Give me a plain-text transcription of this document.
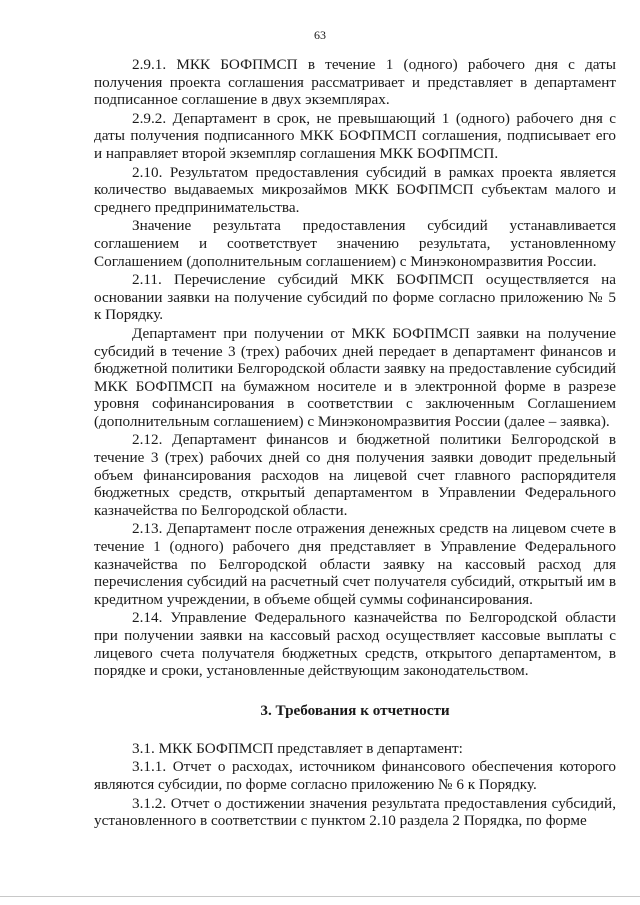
63

2.9.1. МКК БОФПМСП в течение 1 (одного) рабочего дня с даты получения проекта соглашения рассматривает и представляет в департамент подписанное соглашение в двух экземплярах.

2.9.2. Департамент в срок, не превышающий 1 (одного) рабочего дня с даты получения подписанного МКК БОФПМСП соглашения, подписывает его и направляет второй экземпляр соглашения МКК БОФПМСП.

2.10. Результатом предоставления субсидий в рамках проекта является количество выдаваемых микрозаймов МКК БОФПМСП субъектам малого и среднего предпринимательства.

Значение результата предоставления субсидий устанавливается соглашением и соответствует значению результата, установленному Соглашением (дополнительным соглашением) с Минэкономразвития России.

2.11. Перечисление субсидий МКК БОФПМСП осуществляется на основании заявки на получение субсидий по форме согласно приложению № 5 к Порядку.

Департамент при получении от МКК БОФПМСП заявки на получение субсидий в течение 3 (трех) рабочих дней передает в департамент финансов и бюджетной политики Белгородской области заявку на предоставление субсидий МКК БОФПМСП на бумажном носителе и в электронной форме в разрезе уровня софинансирования в соответствии с заключенным Соглашением (дополнительным соглашением) с Минэкономразвития России (далее – заявка).

2.12. Департамент финансов и бюджетной политики Белгородской в течение 3 (трех) рабочих дней со дня получения заявки доводит предельный объем финансирования расходов на лицевой счет главного распорядителя бюджетных средств, открытый департаментом в Управлении Федерального казначейства по Белгородской области.

2.13. Департамент после отражения денежных средств на лицевом счете в течение 1 (одного) рабочего дня представляет в Управление Федерального казначейства по Белгородской области заявку на кассовый расход для перечисления субсидий на расчетный счет получателя субсидий, открытый им в кредитном учреждении, в объеме общей суммы софинансирования.

2.14. Управление Федерального казначейства по Белгородской области при получении заявки на кассовый расход осуществляет кассовые выплаты с лицевого счета получателя бюджетных средств, открытого департаментом, в порядке и сроки, установленные действующим законодательством.

3. Требования к отчетности

3.1. МКК БОФПМСП представляет в департамент:

3.1.1. Отчет о расходах, источником финансового обеспечения которого являются субсидии, по форме согласно приложению № 6 к Порядку.

3.1.2. Отчет о достижении значения результата предоставления субсидий, установленного в соответствии с пунктом 2.10 раздела 2 Порядка, по форме
